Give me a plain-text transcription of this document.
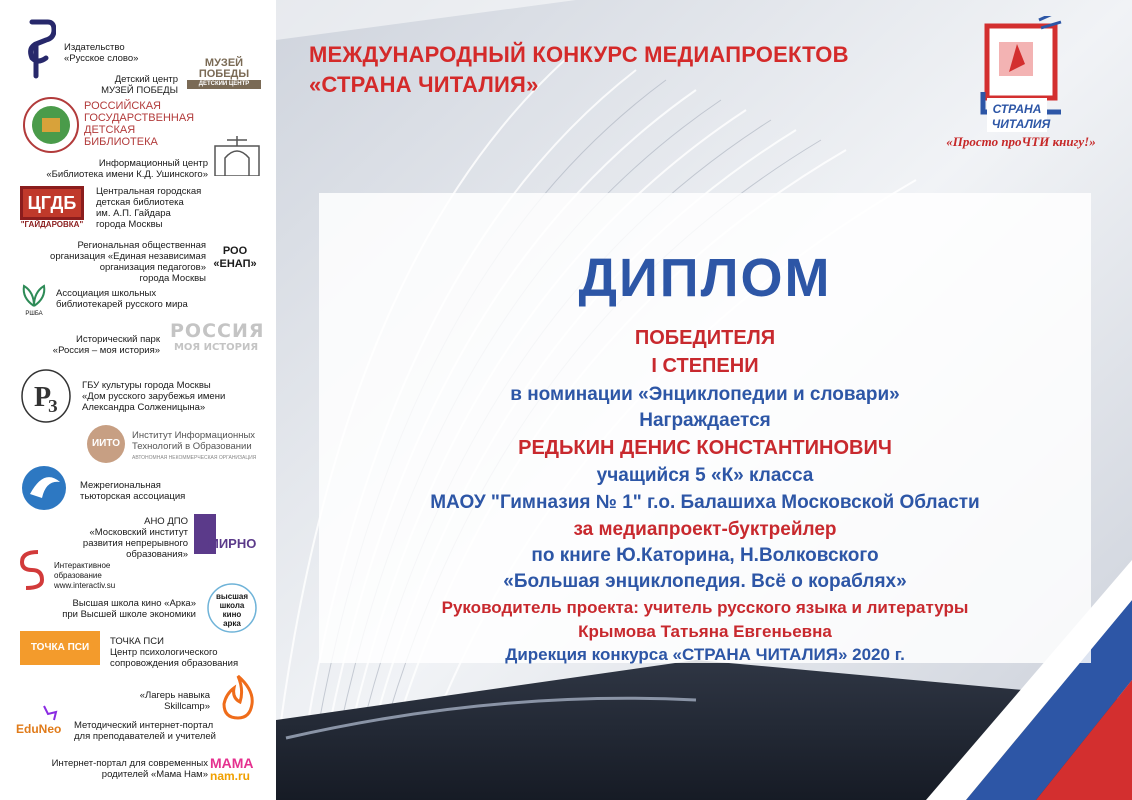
Издательство
«Русское слово»
Детский центр
МУЗЕЙ ПОБЕДЫ
МУЗЕЙ
ПОБЕДЫ
ДЕТСКИЙ ЦЕНТР
РОССИЙСКАЯ
ГОСУДАРСТВЕННАЯ
ДЕТСКАЯ
БИБЛИОТЕКА
Информационный центр
«Библиотека имени К.Д. Ушинского»
ЦГДБ
"ГАЙДАРОВКА"
Центральная городская
детская библиотека
им. А.П. Гайдара
города Москвы
Региональная общественная
организация «Единая независимая
организация педагогов»
города Москвы
РОО
«ЕНАП»
РШБА
Ассоциация школьных
библиотекарей русского мира
Исторический парк
«Россия – моя история»
РОССИЯ
МОЯ ИСТОРИЯ
Р
З
ГБУ культуры города Москвы
«Дом русского зарубежья имени
Александра Солженицына»
ИИТО
Институт Информационных
Технологий в Образовании
АВТОНОМНАЯ НЕКОММЕРЧЕСКАЯ ОРГАНИЗАЦИЯ
Межрегиональная
тьюторская ассоциация
АНО ДПО
«Московский институт
развития непрерывного
образования»
МИРНО
Интерактивное
образование
www.interactiv.su
Высшая школа кино «Арка»
при Высшей школе экономики
высшая
школа
кино
арка
ТОЧКА ПСИ
ТОЧКА ПСИ
Центр психологического
сопровождения образования
«Лагерь навыка
Skillcamp»
EduNeo Методический интернет-портал
для преподавателей и учителей
Интернет-портал для современных
родителей «Мама Нам»
МАМА
nam.ru
МЕЖДУНАРОДНЫЙ КОНКУРС МЕДИАПРОЕКТОВ
«СТРАНА ЧИТАЛИЯ»
СТРАНА
ЧИТАЛИЯ
«Просто проЧТИ книгу!»
ДИПЛОМ
ПОБЕДИТЕЛЯ
I СТЕПЕНИ
в номинации «Энциклопедии и словари»
Награждается
РЕДЬКИН ДЕНИС КОНСТАНТИНОВИЧ
учащийся 5 «К» класса
МАОУ "Гимназия № 1" г.о. Балашиха Московской Области
за медиапроект-буктрейлер
по книге Ю.Каторина, Н.Волковского
«Большая энциклопедия. Всё о кораблях»
Руководитель проекта: учитель русского языка и литературы
Крымова Татьяна Евгеньевна
Дирекция конкурса «СТРАНА ЧИТАЛИЯ» 2020 г.
